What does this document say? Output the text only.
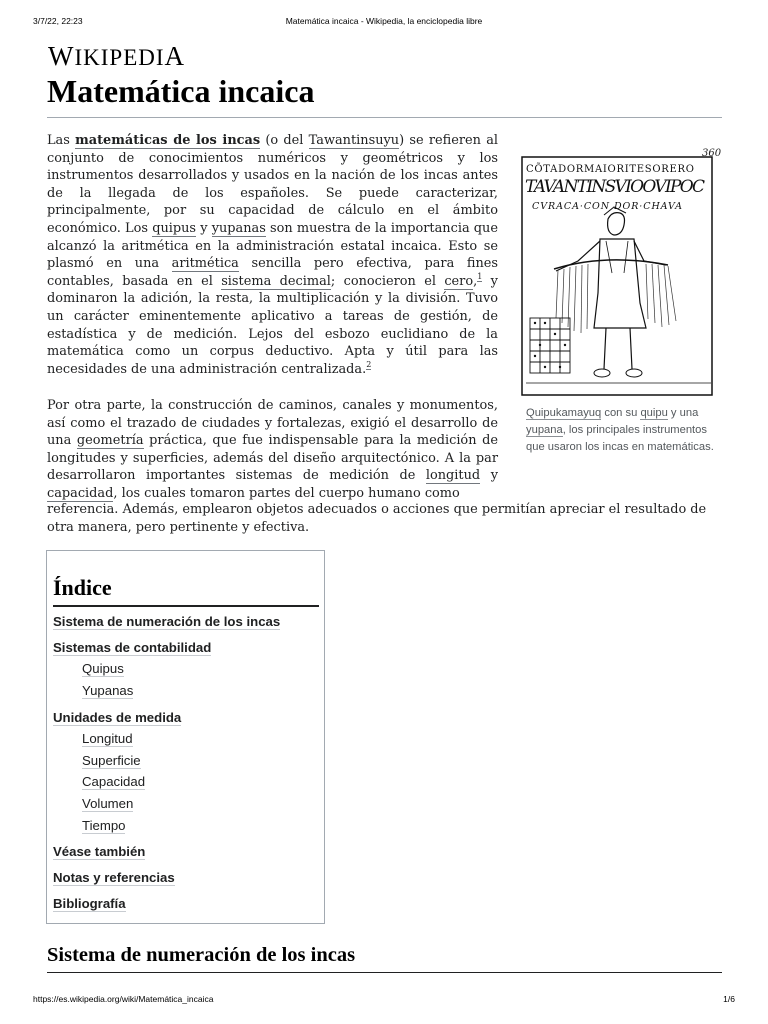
3/7/22, 22:23	Matemática incaica - Wikipedia, la enciclopedia libre
WIKIPEDIA
Matemática incaica
Las matemáticas de los incas (o del Tawantinsuyu) se refieren al conjunto de conocimientos numéricos y geométricos y los instrumentos desarrollados y usados en la nación de los incas antes de la llegada de los españoles. Se puede caracterizar, principalmente, por su capacidad de cálculo en el ámbito económico. Los quipus y yupanas son muestra de la importancia que alcanzó la aritmética en la administración estatal incaica. Esto se plasmó en una aritmética sencilla pero efectiva, para fines contables, basada en el sistema decimal; conocieron el cero,$^1$ y dominaron la adición, la resta, la multiplicación y la división. Tuvo un carácter eminentemente aplicativo a tareas de gestión, de estadística y de medición. Lejos del esbozo euclidiano de la matemática como un corpus deductivo. Apta y útil para las necesidades de una administración centralizada.$^2$
Por otra parte, la construcción de caminos, canales y monumentos, así como el trazado de ciudades y fortalezas, exigió el desarrollo de una geometría práctica, que fue indispensable para la medición de longitudes y superficies, además del diseño arquitectónico. A la par desarrollaron importantes sistemas de medición de longitud y capacidad, los cuales tomaron partes del cuerpo humano como
referencia. Además, emplearon objetos adecuados o acciones que permitían apreciar el resultado de otra manera, pero pertinente y efectiva.
360
CÕTADORMAIORITESORERO
TAVANTINSVIOOVIPOC
CVRACA·CON DOR·CHAVA
Quipukamayuq con su quipu y una yupana, los principales instrumentos que usaron los incas en matemáticas.
Índice
Sistema de numeración de los incas
Sistemas de contabilidad
Quipus
Yupanas
Unidades de medida
Longitud
Superficie
Capacidad
Volumen
Tiempo
Véase también
Notas y referencias
Bibliografía
Sistema de numeración de los incas
https://es.wikipedia.org/wiki/Matemática_incaica	1/6
